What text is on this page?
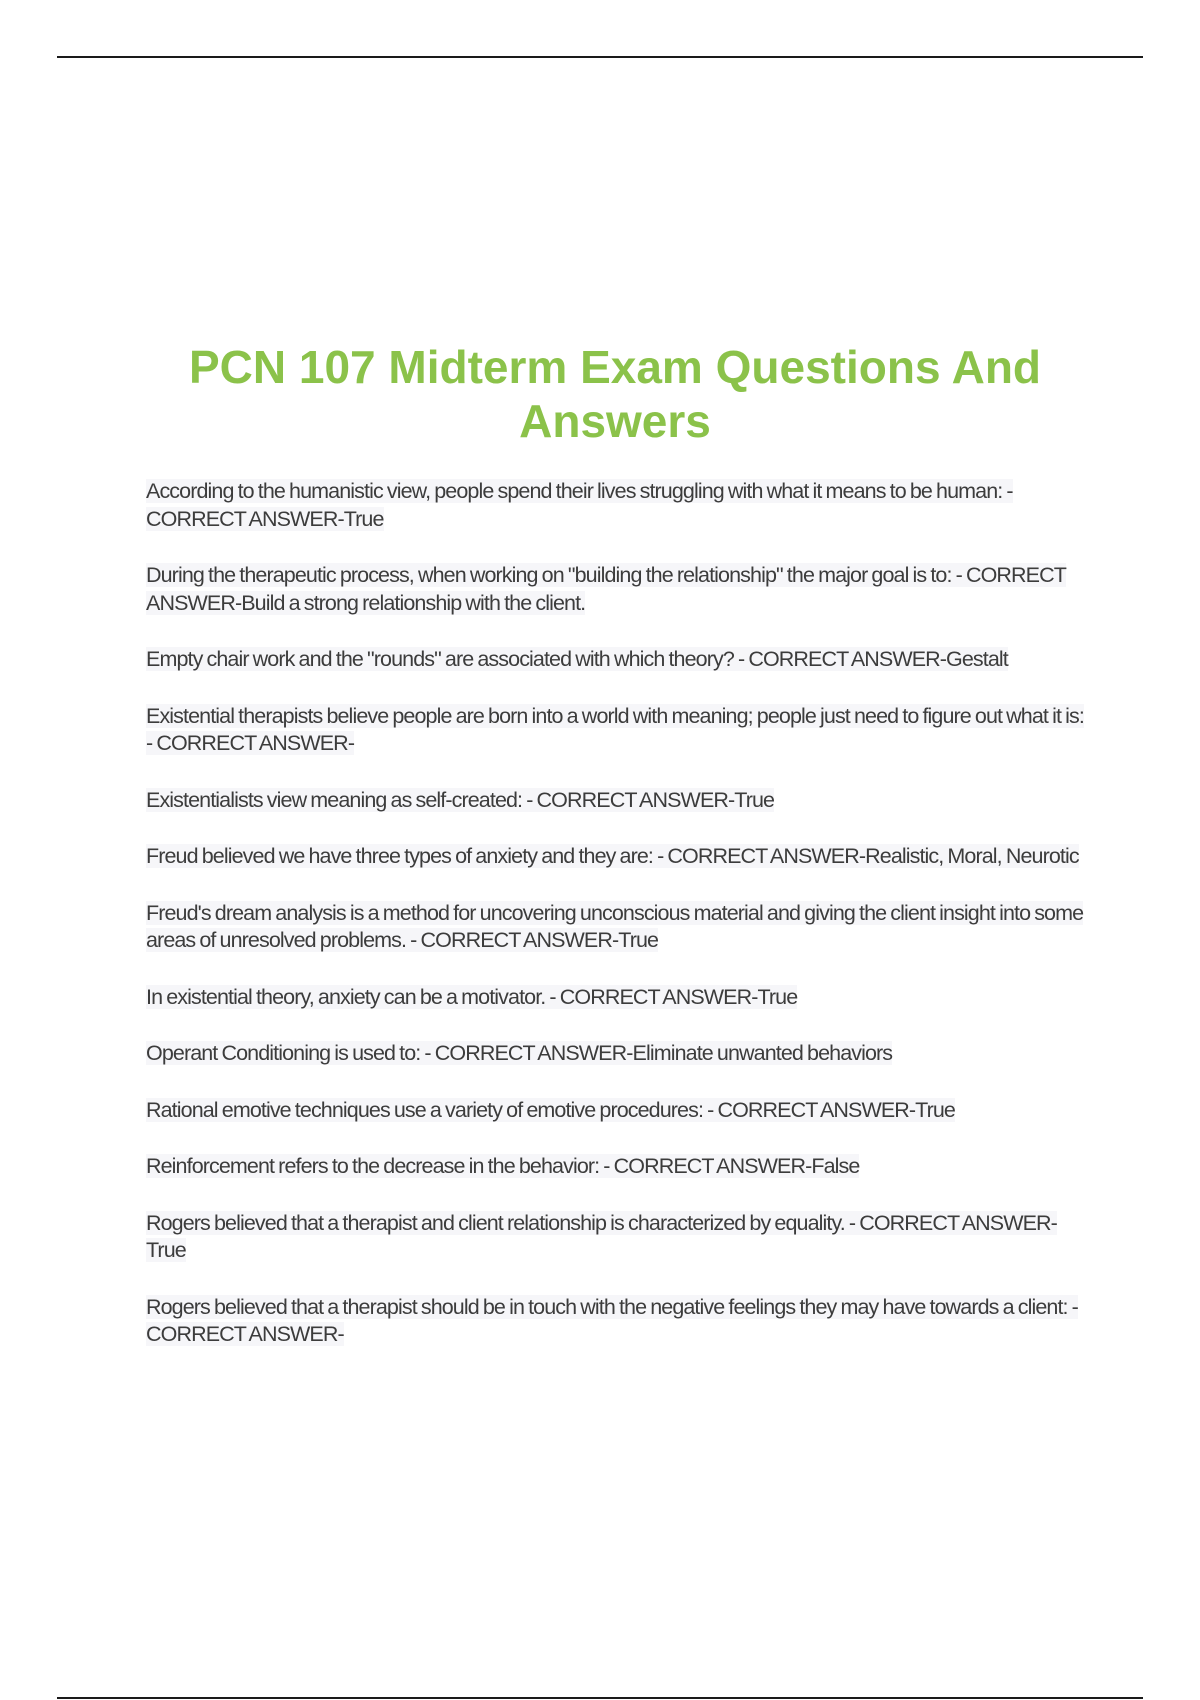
PCN 107 Midterm Exam Questions And Answers
According to the humanistic view, people spend their lives struggling with what it means to be human: - CORRECT ANSWER-True
During the therapeutic process, when working on "building the relationship" the major goal is to: - CORRECT ANSWER-Build a strong relationship with the client.
Empty chair work and the "rounds" are associated with which theory? - CORRECT ANSWER-Gestalt
Existential therapists believe people are born into a world with meaning; people just need to figure out what it is: - CORRECT ANSWER-
Existentialists view meaning as self-created: - CORRECT ANSWER-True
Freud believed we have three types of anxiety and they are: - CORRECT ANSWER-Realistic, Moral, Neurotic
Freud's dream analysis is a method for uncovering unconscious material and giving the client insight into some areas of unresolved problems. - CORRECT ANSWER-True
In existential theory, anxiety can be a motivator. - CORRECT ANSWER-True
Operant Conditioning is used to: - CORRECT ANSWER-Eliminate unwanted behaviors
Rational emotive techniques use a variety of emotive procedures: - CORRECT ANSWER-True
Reinforcement refers to the decrease in the behavior: - CORRECT ANSWER-False
Rogers believed that a therapist and client relationship is characterized by equality. - CORRECT ANSWER-True
Rogers believed that a therapist should be in touch with the negative feelings they may have towards a client: - CORRECT ANSWER-
